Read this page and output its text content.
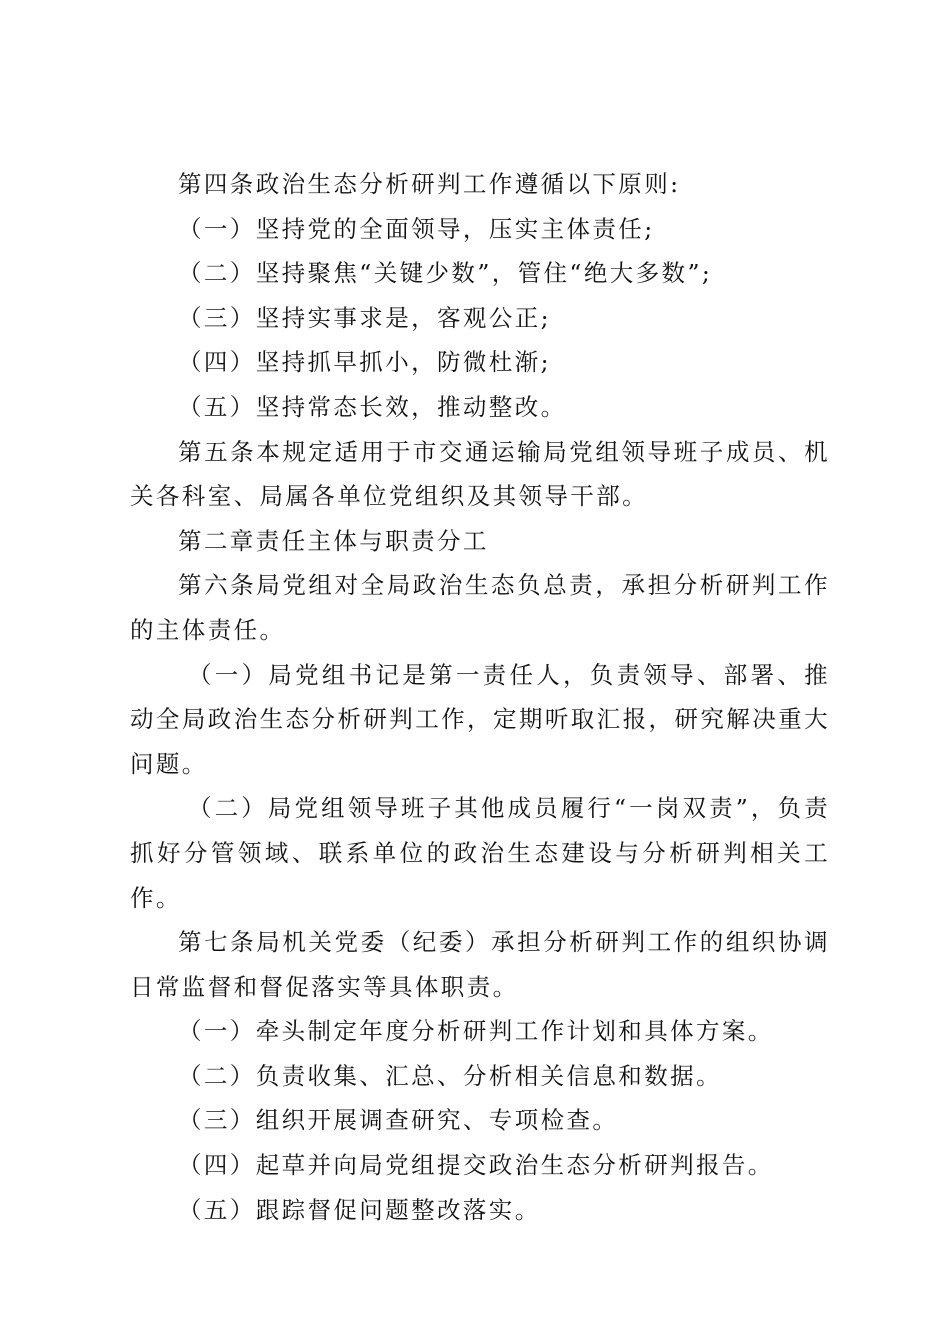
第四条政治生态分析研判工作遵循以下原则:

（一）坚持党的全面领导，压实主体责任;

（二）坚持聚焦“关键少数”，管住“绝大多数”;

（三）坚持实事求是，客观公正;

（四）坚持抓早抓小，防微杜渐;

（五）坚持常态长效，推动整改。

第五条本规定适用于市交通运输局党组领导班子成员、机关各科室、局属各单位党组织及其领导干部。

第二章责任主体与职责分工

第六条局党组对全局政治生态负总责，承担分析研判工作的主体责任。

（一）局党组书记是第一责任人，负责领导、部署、推动全局政治生态分析研判工作，定期听取汇报，研究解决重大问题。

（二）局党组领导班子其他成员履行“一岗双责”，负责抓好分管领域、联系单位的政治生态建设与分析研判相关工作。

第七条局机关党委（纪委）承担分析研判工作的组织协调日常监督和督促落实等具体职责。

（一）牵头制定年度分析研判工作计划和具体方案。

（二）负责收集、汇总、分析相关信息和数据。

（三）组织开展调查研究、专项检查。

（四）起草并向局党组提交政治生态分析研判报告。

（五）跟踪督促问题整改落实。
